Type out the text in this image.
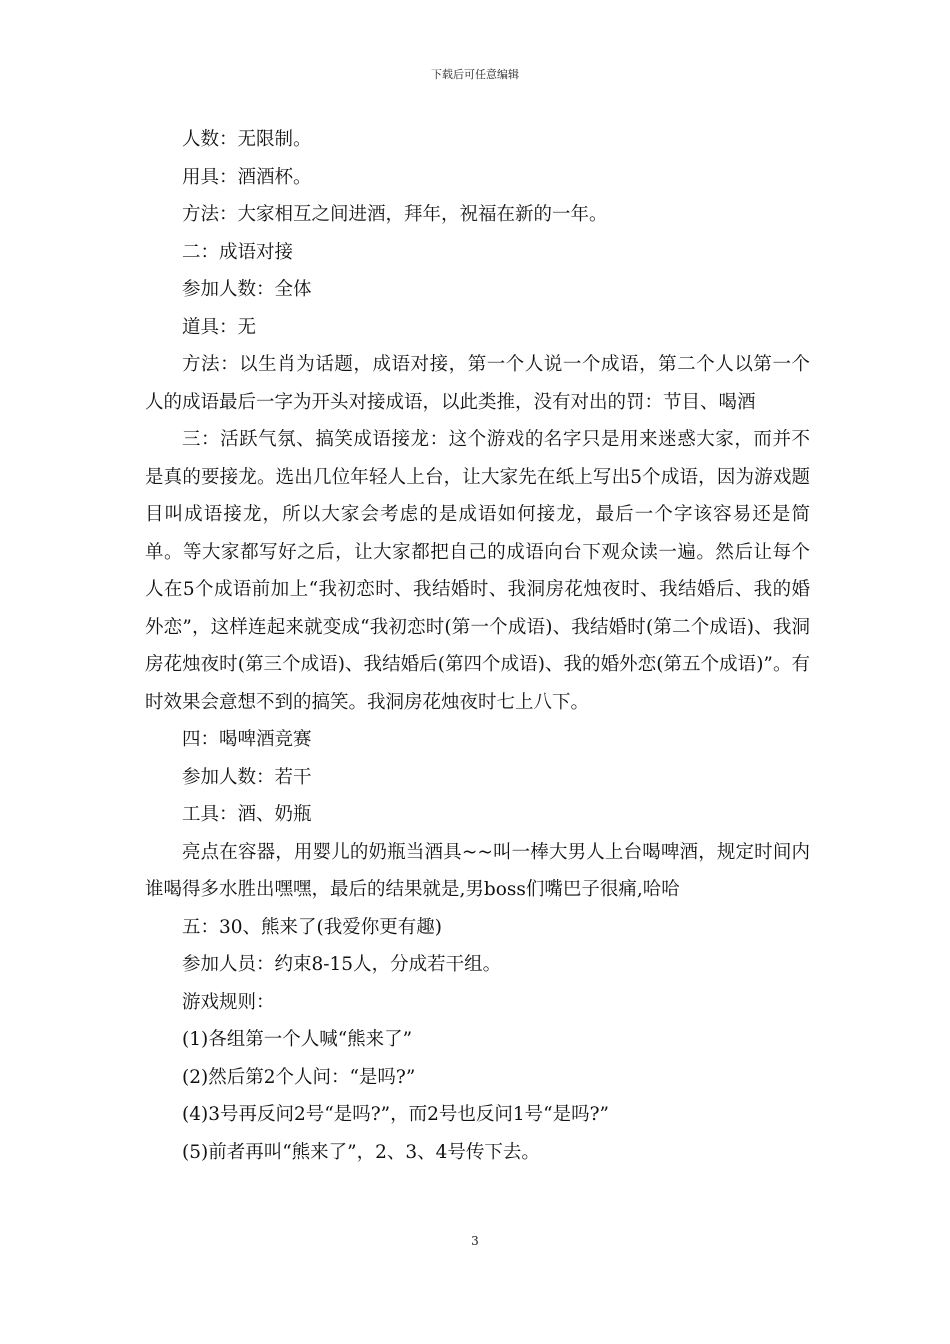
下载后可任意编辑

人数：无限制。

用具：酒酒杯。

方法：大家相互之间进酒，拜年，祝福在新的一年。

二：成语对接

参加人数：全体

道具：无

方法：以生肖为话题，成语对接，第一个人说一个成语，第二个人以第一个人的成语最后一字为开头对接成语，以此类推，没有对出的罚：节目、喝酒

三：活跃气氛、搞笑成语接龙：这个游戏的名字只是用来迷惑大家，而并不是真的要接龙。选出几位年轻人上台，让大家先在纸上写出5个成语，因为游戏题目叫成语接龙，所以大家会考虑的是成语如何接龙，最后一个字该容易还是简单。等大家都写好之后，让大家都把自己的成语向台下观众读一遍。然后让每个人在5个成语前加上“我初恋时、我结婚时、我洞房花烛夜时、我结婚后、我的婚外恋”，这样连起来就变成“我初恋时(第一个成语)、我结婚时(第二个成语)、我洞房花烛夜时(第三个成语)、我结婚后(第四个成语)、我的婚外恋(第五个成语)”。有时效果会意想不到的搞笑。我洞房花烛夜时七上八下。

四：喝啤酒竞赛

参加人数：若干

工具：酒、奶瓶

亮点在容器，用婴儿的奶瓶当酒具~~叫一棒大男人上台喝啤酒，规定时间内谁喝得多水胜出嘿嘿，最后的结果就是,男boss们嘴巴子很痛,哈哈

五：30、熊来了(我爱你更有趣)

参加人员：约束8-15人，分成若干组。

游戏规则：

(1)各组第一个人喊“熊来了”

(2)然后第2个人问：“是吗?”

(4)3号再反问2号“是吗?”，而2号也反问1号“是吗?”

(5)前者再叫“熊来了”，2、3、4号传下去。

3
